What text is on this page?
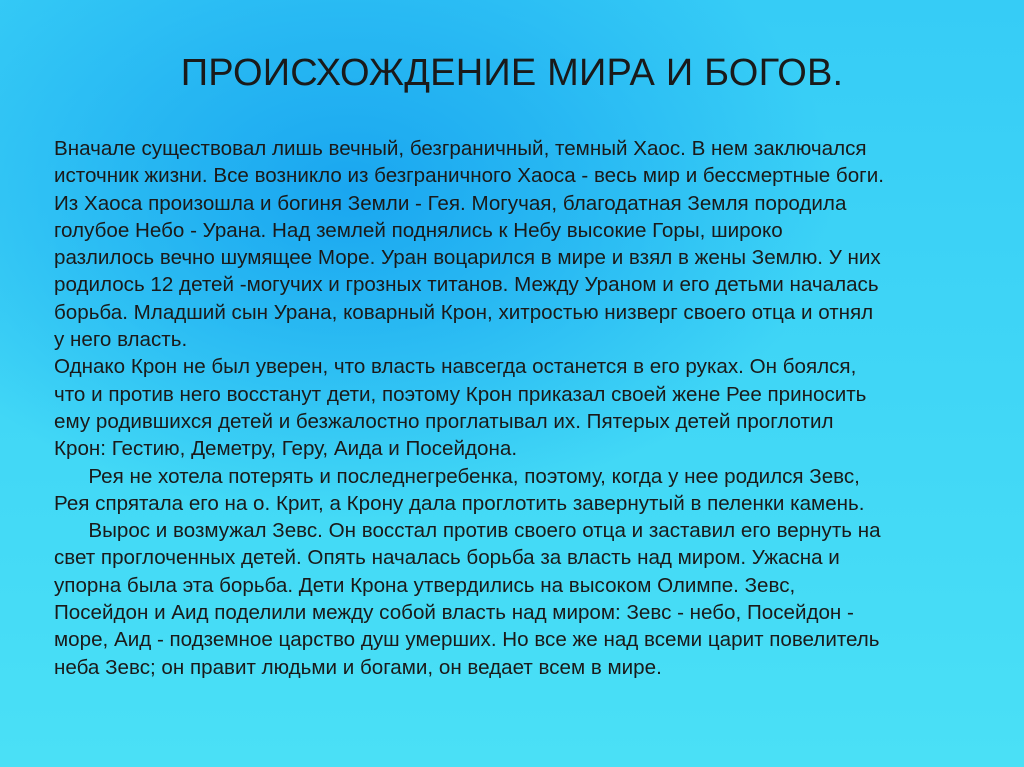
ПРОИСХОЖДЕНИЕ МИРА И БОГОВ.
Вначале существовал лишь вечный, безграничный, темный Хаос. В нем заключался
источник жизни. Все возникло из безграничного Хаоса - весь мир и бессмертные боги.
Из Хаоса произошла и богиня Земли - Гея. Могучая, благодатная Земля породила
голубое Небо - Урана. Над землей поднялись к Небу высокие Горы, широко
разлилось вечно шумящее Море. Уран воцарился в мире и взял в жены Землю. У них
родилось 12 детей -могучих и грозных титанов. Между Ураном и его детьми началась
борьба. Младший сын Урана, коварный Крон, хитростью низверг своего отца и отнял
у него власть.
Однако Крон не был уверен, что власть навсегда останется в его руках. Он боялся,
что и против него восстанут дети, поэтому Крон приказал своей жене Рее приносить
ему родившихся детей и безжалостно проглатывал их. Пятерых детей проглотил
Крон: Гестию, Деметру, Геру, Аида и Посейдона.
Рея не хотела потерять и последнегребенка, поэтому, когда у нее родился Зевс,
Рея спрятала его на о. Крит, а Крону дала проглотить завернутый в пеленки камень.
Вырос и возмужал Зевс. Он восстал против своего отца и заставил его вернуть на
свет проглоченных детей. Опять началась борьба за власть над миром. Ужасна и
упорна была эта борьба. Дети Крона утвердились на высоком Олимпе. Зевс,
Посейдон и Аид поделили между собой власть над миром: Зевс - небо, Посейдон -
море, Аид - подземное царство душ умерших. Но все же над всеми царит повелитель
неба Зевс; он правит людьми и богами, он ведает всем в мире.
